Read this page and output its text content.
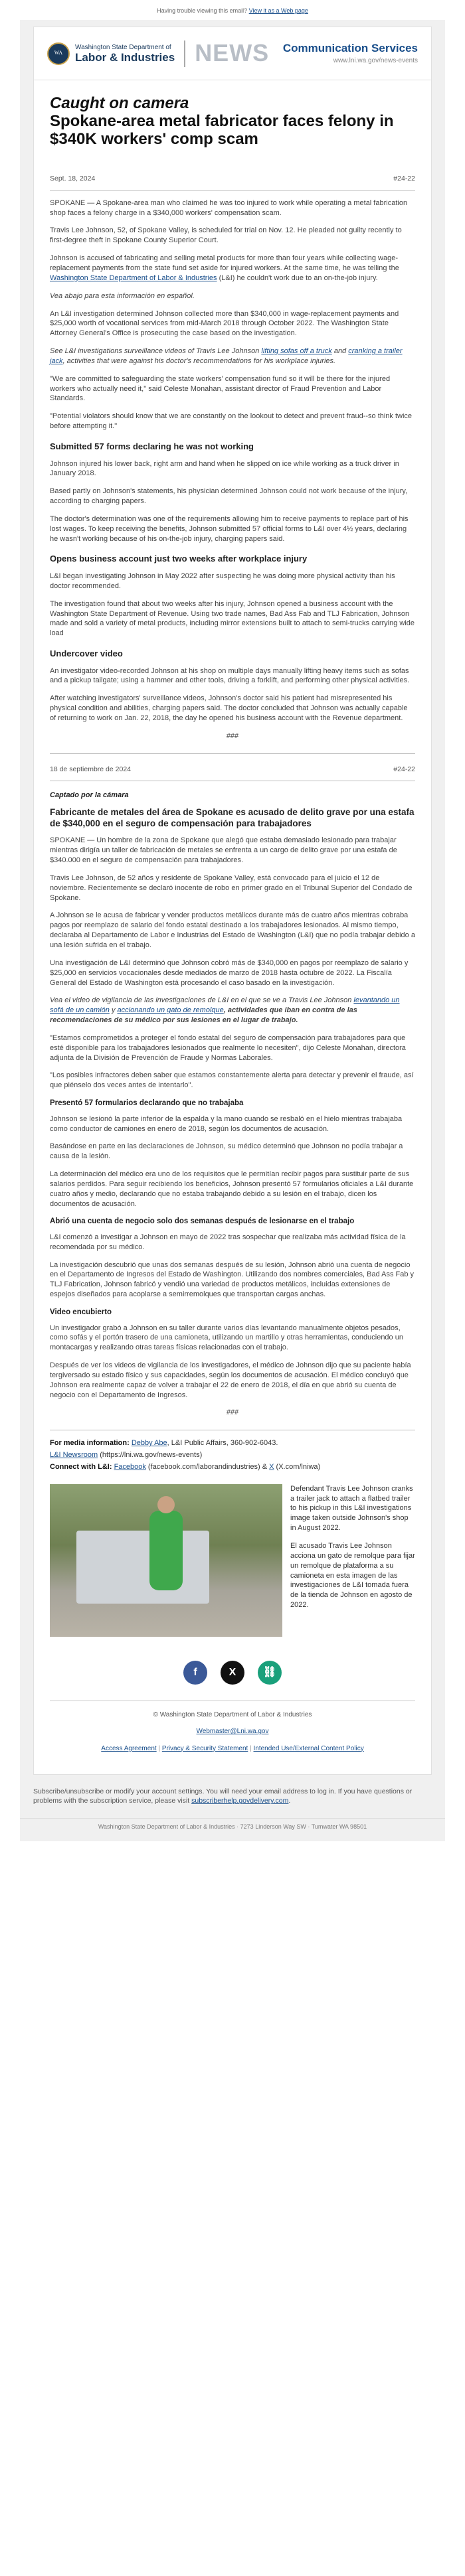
Having trouble viewing this email? View it as a Web page
WA
Washington State Department of
Labor & Industries NEWS Communication Services
www.lni.wa.gov/news-events
Caught on camera
Spokane-area metal fabricator faces felony in $340K workers' comp scam
Sept. 18, 2024	#24-22

SPOKANE — A Spokane-area man who claimed he was too injured to work while operating a metal fabrication shop faces a felony charge in a $340,000 workers' compensation scam.

Travis Lee Johnson, 52, of Spokane Valley, is scheduled for trial on Nov. 12. He pleaded not guilty recently to first-degree theft in Spokane County Superior Court.

Johnson is accused of fabricating and selling metal products for more than four years while collecting wage-replacement payments from the state fund set aside for injured workers. At the same time, he was telling the Washington State Department of Labor & Industries (L&I) he couldn't work due to an on-the-job injury.

Vea abajo para esta información en español.

An L&I investigation determined Johnson collected more than $340,000 in wage-replacement payments and $25,000 worth of vocational services from mid-March 2018 through October 2022. The Washington State Attorney General's Office is prosecuting the case based on the investigation.

See L&I investigations surveillance videos of Travis Lee Johnson lifting sofas off a truck and cranking a trailer jack, activities that were against his doctor's recommendations for his workplace injuries.

"We are committed to safeguarding the state workers' compensation fund so it will be there for the injured workers who actually need it," said Celeste Monahan, assistant director of Fraud Prevention and Labor Standards.

"Potential violators should know that we are constantly on the lookout to detect and prevent fraud--so think twice before attempting it."

Submitted 57 forms declaring he was not working

Johnson injured his lower back, right arm and hand when he slipped on ice while working as a truck driver in January 2018.

Based partly on Johnson's statements, his physician determined Johnson could not work because of the injury, according to charging papers.

The doctor's determination was one of the requirements allowing him to receive payments to replace part of his lost wages. To keep receiving the benefits, Johnson submitted 57 official forms to L&I over 4½ years, declaring he wasn't working because of his on-the-job injury, charging papers said.

Opens business account just two weeks after workplace injury

L&I began investigating Johnson in May 2022 after suspecting he was doing more physical activity than his doctor recommended.

The investigation found that about two weeks after his injury, Johnson opened a business account with the Washington State Department of Revenue. Using two trade names, Bad Ass Fab and TLJ Fabrication, Johnson made and sold a variety of metal products, including mirror extensions built to attach to semi-trucks carrying wide load

Undercover video

An investigator video-recorded Johnson at his shop on multiple days manually lifting heavy items such as sofas and a pickup tailgate; using a hammer and other tools, driving a forklift, and performing other physical activities.

After watching investigators' surveillance videos, Johnson's doctor said his patient had misrepresented his physical condition and abilities, charging papers said. The doctor concluded that Johnson was actually capable of returning to work on Jan. 22, 2018, the day he opened his business account with the Revenue department.

###
18 de septiembre de 2024	#24-22
Captado por la cámara
Fabricante de metales del área de Spokane es acusado de delito grave por una estafa de $340,000 en el seguro de compensación para trabajadores

SPOKANE — Un hombre de la zona de Spokane que alegó que estaba demasiado lesionado para trabajar mientras dirigía un taller de fabricación de metales se enfrenta a un cargo de delito grave por una estafa de $340.000 en el seguro de compensación para trabajadores.

Travis Lee Johnson, de 52 años y residente de Spokane Valley, está convocado para el juicio el 12 de noviembre. Recientemente se declaró inocente de robo en primer grado en el Tribunal Superior del Condado de Spokane.

A Johnson se le acusa de fabricar y vender productos metálicos durante más de cuatro años mientras cobraba pagos por reemplazo de salario del fondo estatal destinado a los trabajadores lesionados. Al mismo tiempo, declaraba al Departamento de Labor e Industrias del Estado de Washington (L&I) que no podía trabajar debido a una lesión sufrida en el trabajo.

Una investigación de L&I determinó que Johnson cobró más de $340,000 en pagos por reemplazo de salario y $25,000 en servicios vocacionales desde mediados de marzo de 2018 hasta octubre de 2022. La Fiscalía General del Estado de Washington está procesando el caso basado en la investigación.

Vea el video de vigilancia de las investigaciones de L&I en el que se ve a Travis Lee Johnson levantando un sofá de un camión y accionando un gato de remolque, actividades que iban en contra de las recomendaciones de su médico por sus lesiones en el lugar de trabajo.

"Estamos comprometidos a proteger el fondo estatal del seguro de compensación para trabajadores para que esté disponible para los trabajadores lesionados que realmente lo necesiten", dijo Celeste Monahan, directora adjunta de la División de Prevención de Fraude y Normas Laborales.

"Los posibles infractores deben saber que estamos constantemente alerta para detectar y prevenir el fraude, así que piénselo dos veces antes de intentarlo".

Presentó 57 formularios declarando que no trabajaba

Johnson se lesionó la parte inferior de la espalda y la mano cuando se resbaló en el hielo mientras trabajaba como conductor de camiones en enero de 2018, según los documentos de acusación.

Basándose en parte en las declaraciones de Johnson, su médico determinó que Johnson no podía trabajar a causa de la lesión.

La determinación del médico era uno de los requisitos que le permitían recibir pagos para sustituir parte de sus salarios perdidos. Para seguir recibiendo los beneficios, Johnson presentó 57 formularios oficiales a L&I durante cuatro años y medio, declarando que no estaba trabajando debido a su lesión en el trabajo, dicen los documentos de acusación.

Abrió una cuenta de negocio solo dos semanas después de lesionarse en el trabajo

L&I comenzó a investigar a Johnson en mayo de 2022 tras sospechar que realizaba más actividad física de la recomendada por su médico.

La investigación descubrió que unas dos semanas después de su lesión, Johnson abrió una cuenta de negocio en el Departamento de Ingresos del Estado de Washington. Utilizando dos nombres comerciales, Bad Ass Fab y TLJ Fabrication, Johnson fabricó y vendió una variedad de productos metálicos, incluidas extensiones de espejos diseñados para acoplarse a semirremolques que transportan cargas anchas.

Video encubierto

Un investigador grabó a Johnson en su taller durante varios días levantando manualmente objetos pesados, como sofás y el portón trasero de una camioneta, utilizando un martillo y otras herramientas, conduciendo un montacargas y realizando otras tareas físicas relacionadas con el trabajo.

Después de ver los videos de vigilancia de los investigadores, el médico de Johnson dijo que su paciente había tergiversado su estado físico y sus capacidades, según los documentos de acusación. El médico concluyó que Johnson era realmente capaz de volver a trabajar el 22 de enero de 2018, el día en que abrió su cuenta de negocio con el Departamento de Ingresos.

###
For media information: Debby Abe, L&I Public Affairs, 360-902-6043.
L&I Newsroom (https://lni.wa.gov/news-events)
Connect with L&I: Facebook (facebook.com/laborandindustries) & X (X.com/lniwa)

Defendant Travis Lee Johnson cranks a trailer jack to attach a flatbed trailer to his pickup in this L&I investigations image taken outside Johnson's shop in August 2022.

El acusado Travis Lee Johnson acciona un gato de remolque para fijar un remolque de plataforma a su camioneta en esta imagen de las investigaciones de L&I tomada fuera de la tienda de Johnson en agosto de 2022.

f	X	⛓
© Washington State Department of Labor & Industries
Webmaster@Lni.wa.gov
Access Agreement | Privacy & Security Statement | Intended Use/External Content Policy
Subscribe/unsubscribe or modify your account settings. You will need your email address to log in. If you have questions or problems with the subscription service, please visit subscriberhelp.govdelivery.com.
Washington State Department of Labor & Industries · 7273 Linderson Way SW · Tumwater WA 98501
